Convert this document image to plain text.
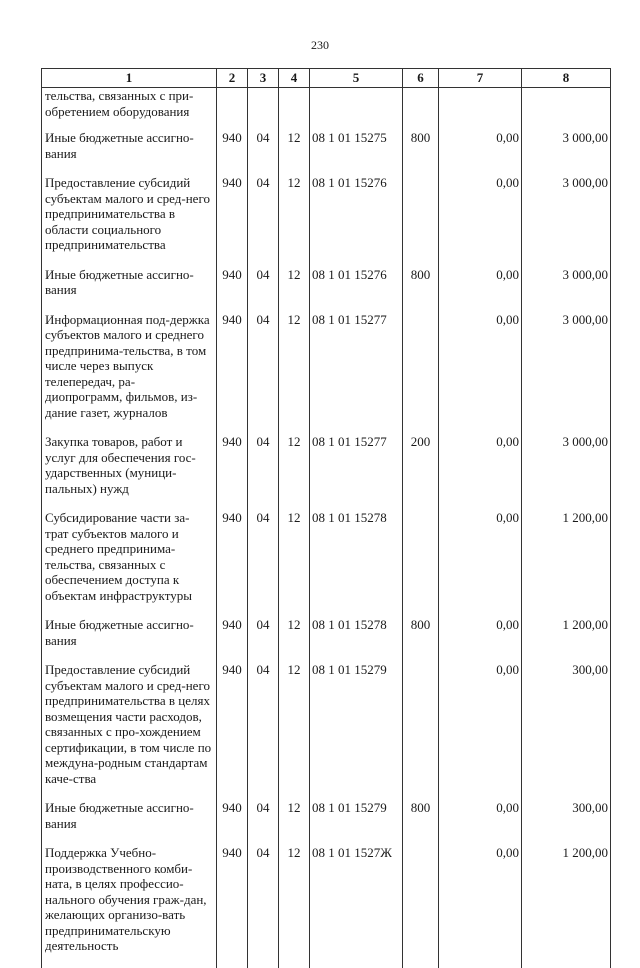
230
1	2	3	4	5	6	7	8
тельства, связанных с при-обретением оборудования							

Иные бюджетные ассигно-вания	940	04	12	08 1 01 15275	800	0,00	3 000,00

Предоставление субсидий субъектам малого и сред-него предпринимательства в области социального предпринимательства	940	04	12	08 1 01 15276		0,00	3 000,00

Иные бюджетные ассигно-вания	940	04	12	08 1 01 15276	800	0,00	3 000,00

Информационная под-держка субъектов малого и среднего предпринима-тельства, в том числе через выпуск телепередач, ра-диопрограмм, фильмов, из-дание газет, журналов	940	04	12	08 1 01 15277		0,00	3 000,00

Закупка товаров, работ и услуг для обеспечения гос-ударственных (муници-пальных) нужд	940	04	12	08 1 01 15277	200	0,00	3 000,00

Субсидирование части за-трат субъектов малого и среднего предпринима-тельства, связанных с обеспечением доступа к объектам инфраструктуры	940	04	12	08 1 01 15278		0,00	1 200,00

Иные бюджетные ассигно-вания	940	04	12	08 1 01 15278	800	0,00	1 200,00

Предоставление субсидий субъектам малого и сред-него предпринимательства в целях возмещения части расходов, связанных с про-хождением сертификации, в том числе по междуна-родным стандартам каче-ства	940	04	12	08 1 01 15279		0,00	300,00

Иные бюджетные ассигно-вания	940	04	12	08 1 01 15279	800	0,00	300,00

Поддержка Учебно-производственного комби-ната, в целях профессио-нального обучения граж-дан, желающих организо-вать предпринимательскую деятельность	940	04	12	08 1 01 1527Ж		0,00	1 200,00
